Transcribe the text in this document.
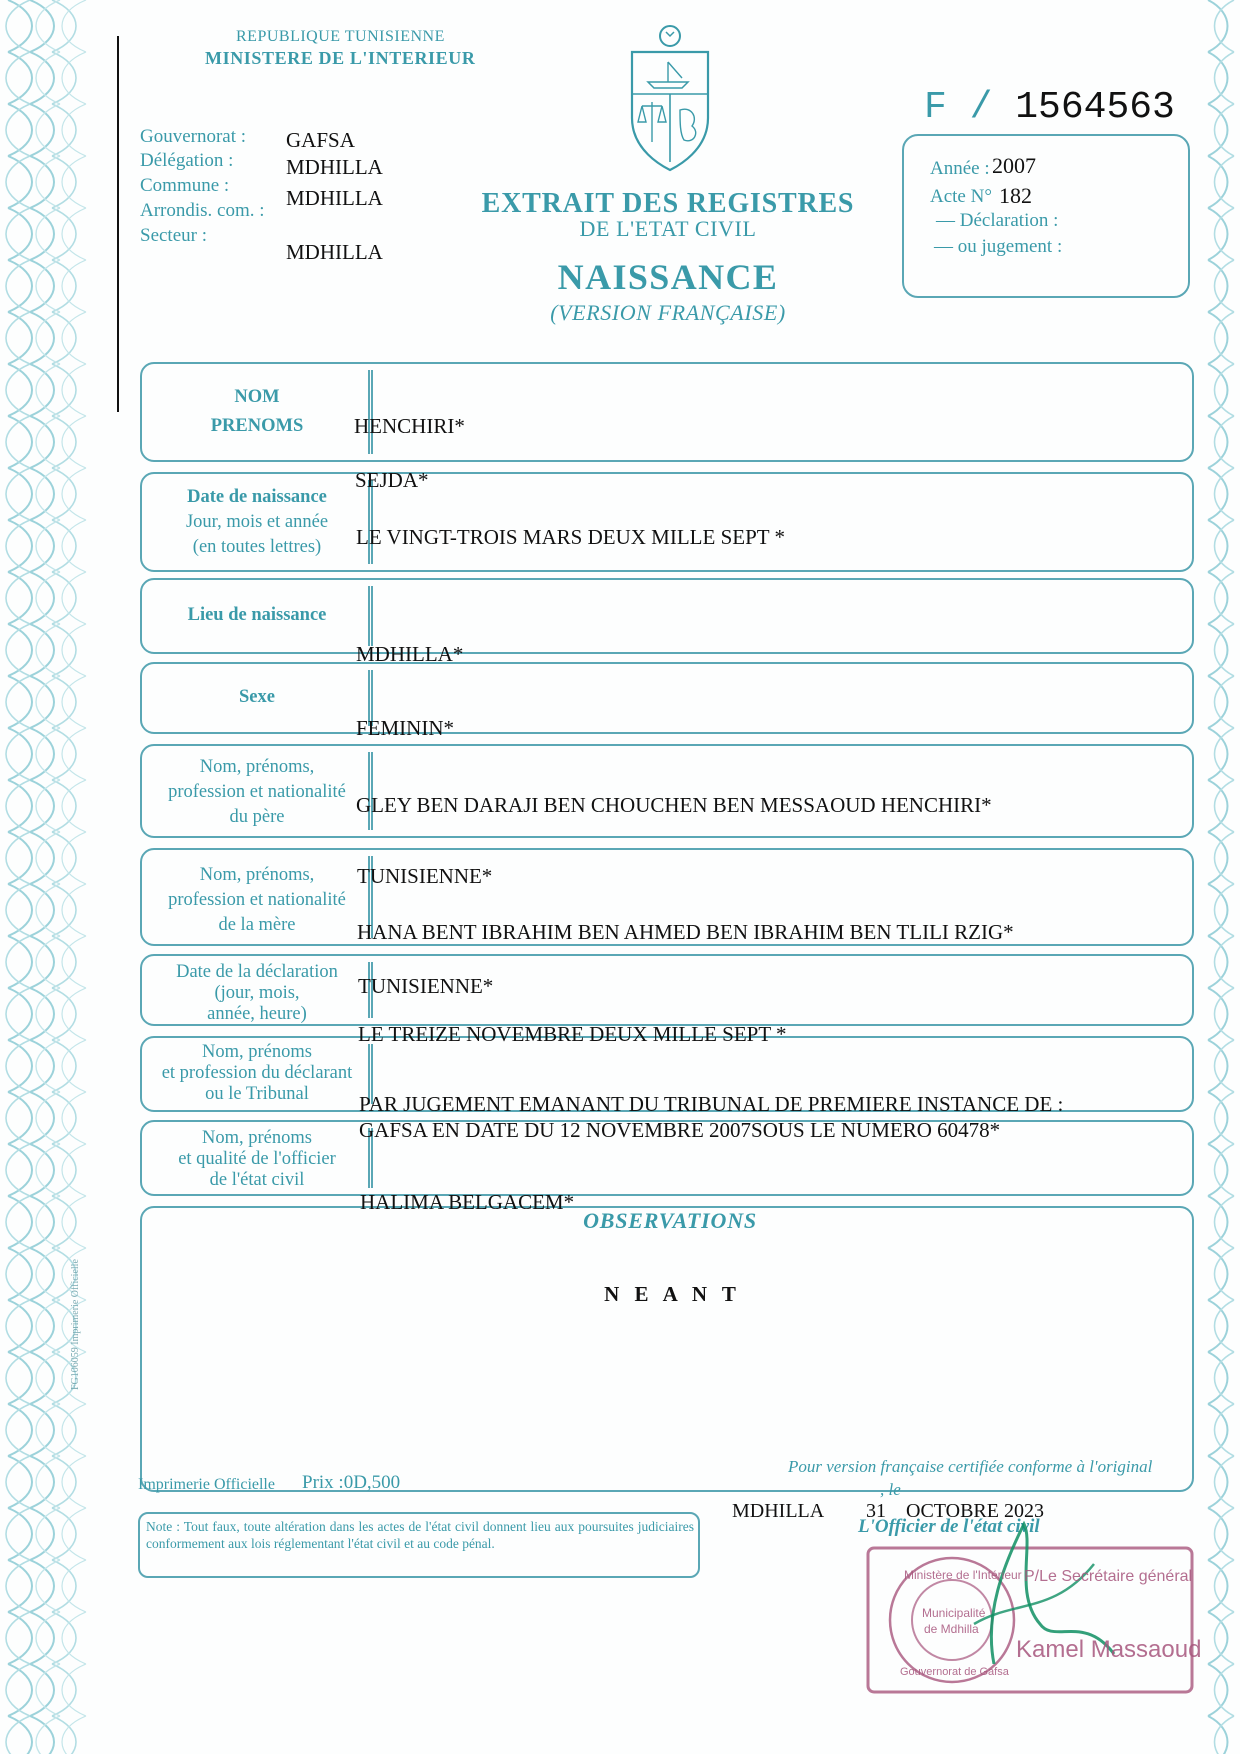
REPUBLIQUE TUNISIENNE
MINISTERE DE L'INTERIEUR
EXTRAIT DES REGISTRES
DE L'ETAT CIVIL
NAISSANCE
(VERSION FRANÇAISE)
Gouvernorat :
Délégation :
Commune :
Arrondis. com. :
Secteur :
GAFSA
MDHILLA
MDHILLA
MDHILLA
F / 1564563
Année : 2007
Acte N° 182
— Déclaration :
— ou jugement :
NOM
PRENOMS
Date de naissance
Jour, mois et année
(en toutes lettres)
Lieu de naissance
Sexe
Nom, prénoms,
profession et nationalité
du père
Nom, prénoms,
profession et nationalité
de la mère
Date de la déclaration
(jour, mois,
année, heure)
Nom, prénoms
et profession du déclarant
ou le Tribunal
Nom, prénoms
et qualité de l'officier
de l'état civil
HENCHIRI*
SEJDA*
LE VINGT-TROIS MARS DEUX MILLE SEPT *
MDHILLA*
FEMININ*
GLEY BEN DARAJI BEN CHOUCHEN BEN MESSAOUD HENCHIRI*
TUNISIENNE*
HANA BENT IBRAHIM BEN AHMED BEN IBRAHIM BEN TLILI RZIG*
TUNISIENNE*
LE TREIZE NOVEMBRE DEUX MILLE SEPT *
PAR JUGEMENT EMANANT DU TRIBUNAL DE PREMIERE INSTANCE DE :
GAFSA EN DATE DU 12 NOVEMBRE 2007SOUS LE NUMERO 60478*
HALIMA BELGACEM*
OBSERVATIONS
N E A N T
FG106059 Imprimerie Officielle
Imprimerie Officielle Prix :0D,500
Note : Tout faux, toute altération dans les actes de l'état civil donnent lieu aux poursuites judiciaires conformement aux lois réglementant l'état civil et au code pénal.
Pour version française certifiée conforme à l'original
, le
MDHILLA 31    OCTOBRE 2023
L'Officier de l'état civil
Ministère de l'Intérieur
Municipalité
de Mdhilla
Gouvernorat de Gafsa
P/Le Secrétaire général
Kamel Massaoud
